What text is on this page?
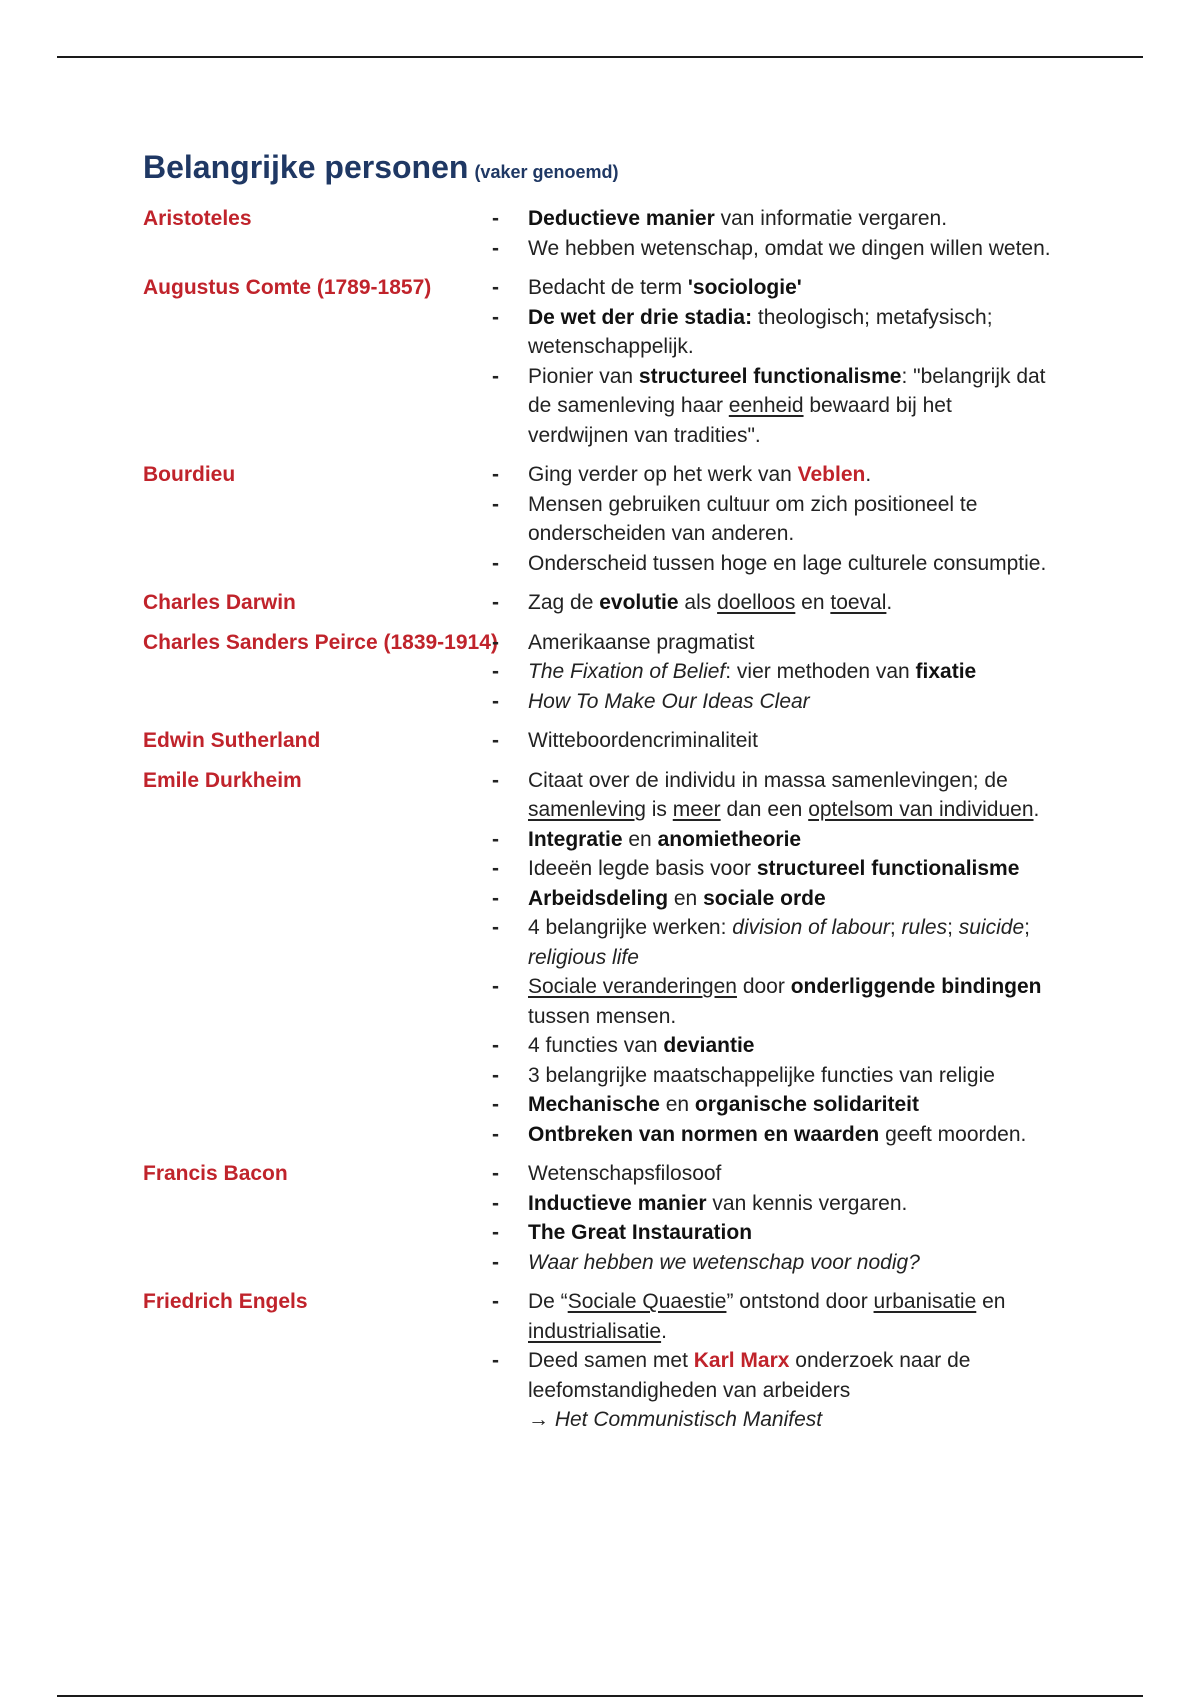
Belangrijke personen (vaker genoemd)
Aristoteles	- Deductieve manier van informatie vergaren.
- We hebben wetenschap, omdat we dingen willen weten.
Augustus Comte (1789-1857)	- Bedacht de term 'sociologie'
- De wet der drie stadia: theologisch; metafysisch; wetenschappelijk.
- Pionier van structureel functionalisme: "belangrijk dat de samenleving haar eenheid bewaard bij het verdwijnen van tradities".
Bourdieu	- Ging verder op het werk van Veblen.
- Mensen gebruiken cultuur om zich positioneel te onderscheiden van anderen.
- Onderscheid tussen hoge en lage culturele consumptie.
Charles Darwin	- Zag de evolutie als doelloos en toeval.
Charles Sanders Peirce (1839-1914)	- Amerikaanse pragmatist
- The Fixation of Belief: vier methoden van fixatie
- How To Make Our Ideas Clear
Edwin Sutherland	- Witteboordencriminaliteit
Emile Durkheim	- Citaat over de individu in massa samenlevingen; de samenleving is meer dan een optelsom van individuen.
- Integratie en anomietheorie
- Ideeën legde basis voor structureel functionalisme
- Arbeidsdeling en sociale orde
- 4 belangrijke werken: division of labour; rules; suicide; religious life
- Sociale veranderingen door onderliggende bindingen tussen mensen.
- 4 functies van deviantie
- 3 belangrijke maatschappelijke functies van religie
- Mechanische en organische solidariteit
- Ontbreken van normen en waarden geeft moorden.
Francis Bacon	- Wetenschapsfilosoof
- Inductieve manier van kennis vergaren.
- The Great Instauration
- Waar hebben we wetenschap voor nodig?
Friedrich Engels	- De “Sociale Quaestie” ontstond door urbanisatie en industrialisatie.
- Deed samen met Karl Marx onderzoek naar de leefomstandigheden van arbeiders
→ Het Communistisch Manifest
